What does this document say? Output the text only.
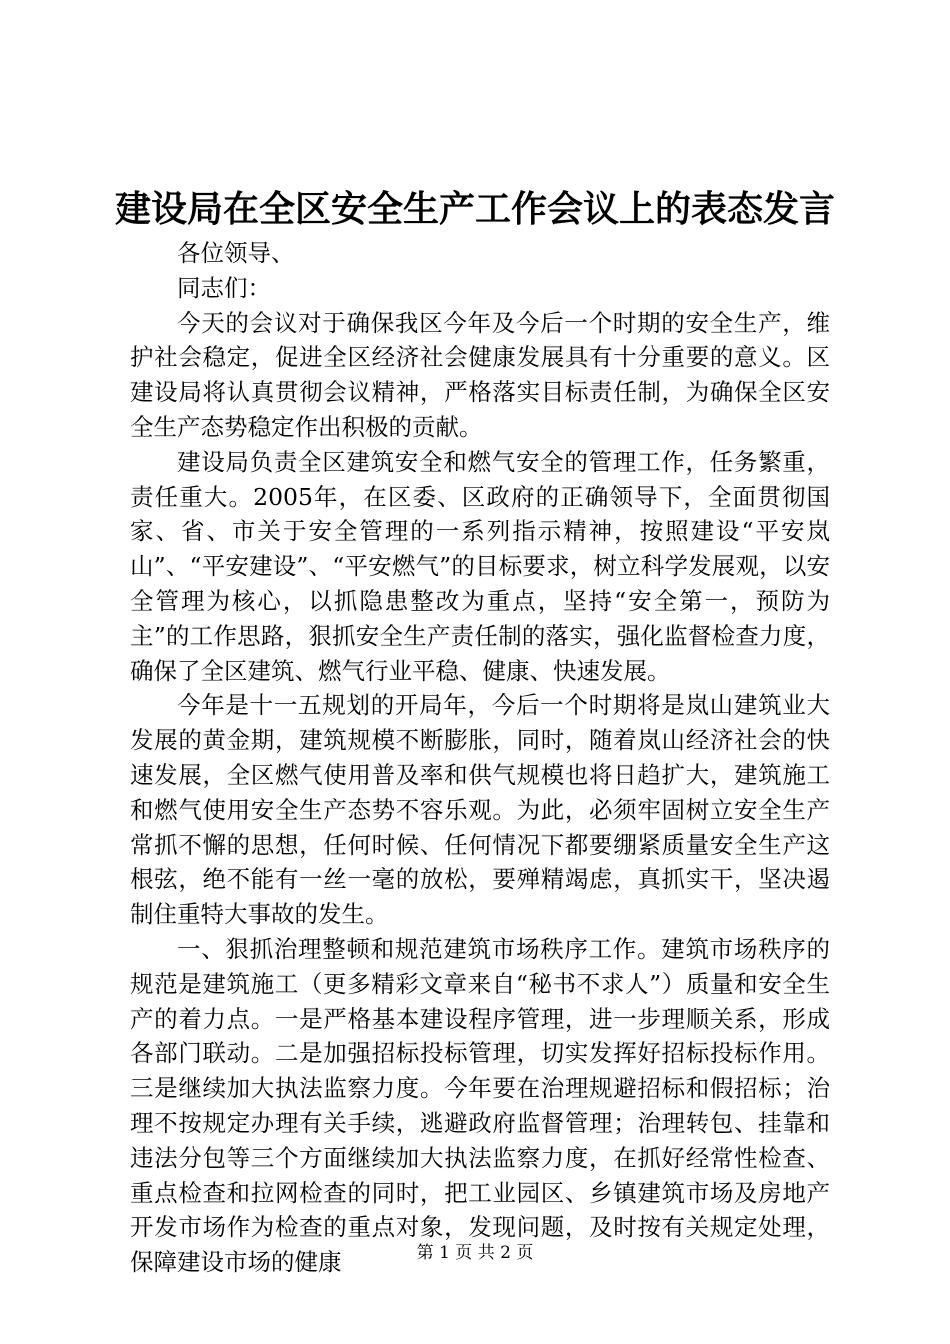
建设局在全区安全生产工作会议上的表态发言

各位领导、

同志们：

今天的会议对于确保我区今年及今后一个时期的安全生产，维护社会稳定，促进全区经济社会健康发展具有十分重要的意义。区建设局将认真贯彻会议精神，严格落实目标责任制，为确保全区安全生产态势稳定作出积极的贡献。

建设局负责全区建筑安全和燃气安全的管理工作，任务繁重，责任重大。2005年，在区委、区政府的正确领导下，全面贯彻国家、省、市关于安全管理的一系列指示精神，按照建设“平安岚山”、“平安建设”、“平安燃气”的目标要求，树立科学发展观，以安全管理为核心，以抓隐患整改为重点，坚持“安全第一，预防为主”的工作思路，狠抓安全生产责任制的落实，强化监督检查力度，确保了全区建筑、燃气行业平稳、健康、快速发展。

今年是十一五规划的开局年，今后一个时期将是岚山建筑业大发展的黄金期，建筑规模不断膨胀，同时，随着岚山经济社会的快速发展，全区燃气使用普及率和供气规模也将日趋扩大，建筑施工和燃气使用安全生产态势不容乐观。为此，必须牢固树立安全生产常抓不懈的思想，任何时候、任何情况下都要绷紧质量安全生产这根弦，绝不能有一丝一毫的放松，要殚精竭虑，真抓实干，坚决遏制住重特大事故的发生。

一、狠抓治理整顿和规范建筑市场秩序工作。建筑市场秩序的规范是建筑施工（更多精彩文章来自“秘书不求人”）质量和安全生产的着力点。一是严格基本建设程序管理，进一步理顺关系，形成各部门联动。二是加强招标投标管理，切实发挥好招标投标作用。三是继续加大执法监察力度。今年要在治理规避招标和假招标；治理不按规定办理有关手续，逃避政府监督管理；治理转包、挂靠和违法分包等三个方面继续加大执法监察力度，在抓好经常性检查、重点检查和拉网检查的同时，把工业园区、乡镇建筑市场及房地产开发市场作为检查的重点对象，发现问题，及时按有关规定处理，保障建设市场的健康	第 1 页 共 2 页
